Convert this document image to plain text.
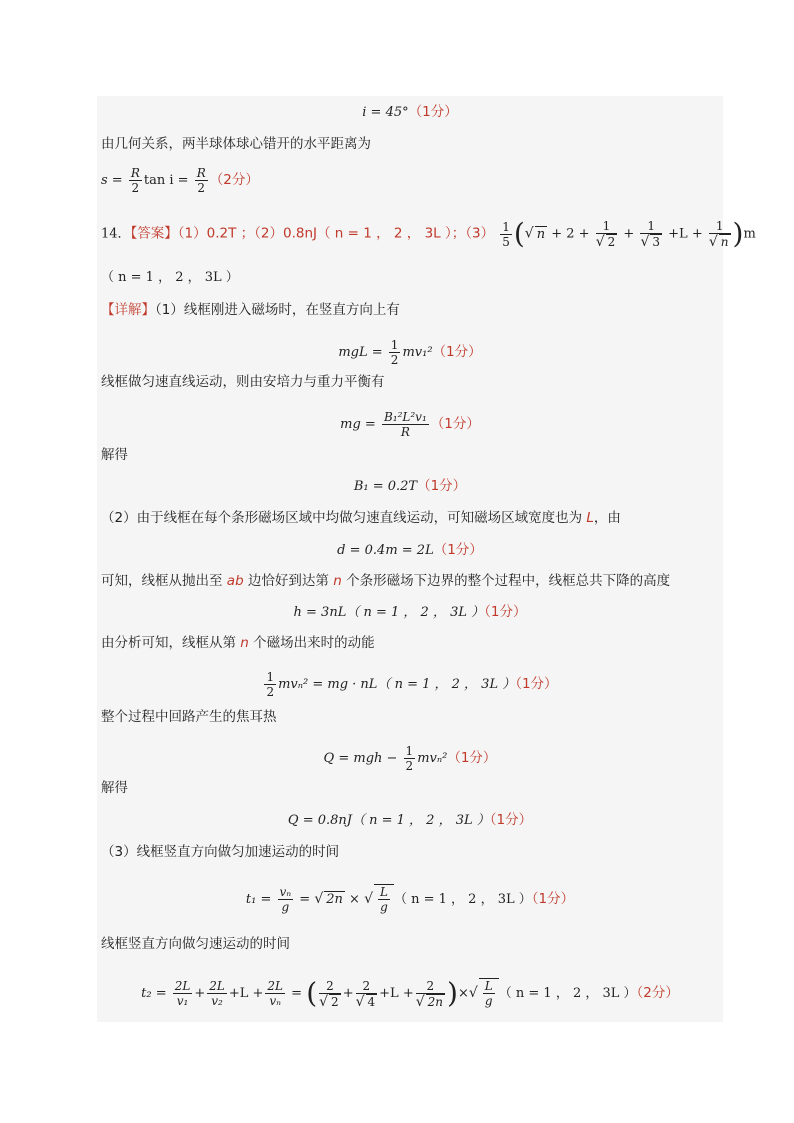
i = 45°（1分）
由几何关系，两半球体球心错开的水平距离为
$s = \frac{R}{2}$ $\tan i = \frac{R}{2} (2$分）
14．【答案】（1）0.2T ；（2）0.8nJ（ n = 1 ， 2 ， 3L ）；$(3) \frac{1}{5}$ (√ $n + 2 + \frac{1}{√ 2} + \frac{1}{√ 3} +L + \frac{1}{√ n} )m$
（ n = 1 ， 2 ， 3L ）
【详解】（1）线框刚进入磁场时，在竖直方向上有
mgL = $\frac{1}{2} mv_1^2(1$分）
线框做匀速直线运动，则由安培力与重力平衡有
mg = $\frac{\text{B₁²L²v₁}}{R} (1$分）
解得
B₁ = 0.2T（1分）
（2）由于线框在每个条形磁场区域中均做匀速直线运动，可知磁场区域宽度也为 L，由
d = 0.4m = 2L（1分）
可知，线框从抛出至 ab 边恰好到达第 n 个条形磁场下边界的整个过程中，线框总共下降的高度
h = 3nL（ n = 1 ， 2 ， 3L ）（1分）
由分析可知，线框从第 n 个磁场出来时的动能
$\frac{1}{2} mv_n^2$ = mg · nL（ n = 1 ， 2 ， 3L ）（1分）
整个过程中回路产生的焦耳热
Q = mgh − $\frac{1}{2} mv_n^2(1$分）
解得
Q = 0.8nJ（ n = 1 ， 2 ， 3L ）（1分）
（3）线框竖直方向做匀加速运动的时间
$t_1 = \frac{\text{vₙ}}{g}$ = √ 2n × √ $\frac{L}{g}$ （ n = 1 ， 2 ， 3L ）（1分）
线框竖直方向做匀速运动的时间
$t_2 = \frac{2L}{\text{v₁}} + \frac{2L}{\text{v₂}} +L + \frac{2L}{\text{vₙ}}$ = ( $\frac{2}{√ 2} + \frac{2}{√ 4} +L + \frac{2}{√ 2n}$ )×√ $\frac{L}{g}$ （ n = 1 ， 2 ， 3L ）（2分）
